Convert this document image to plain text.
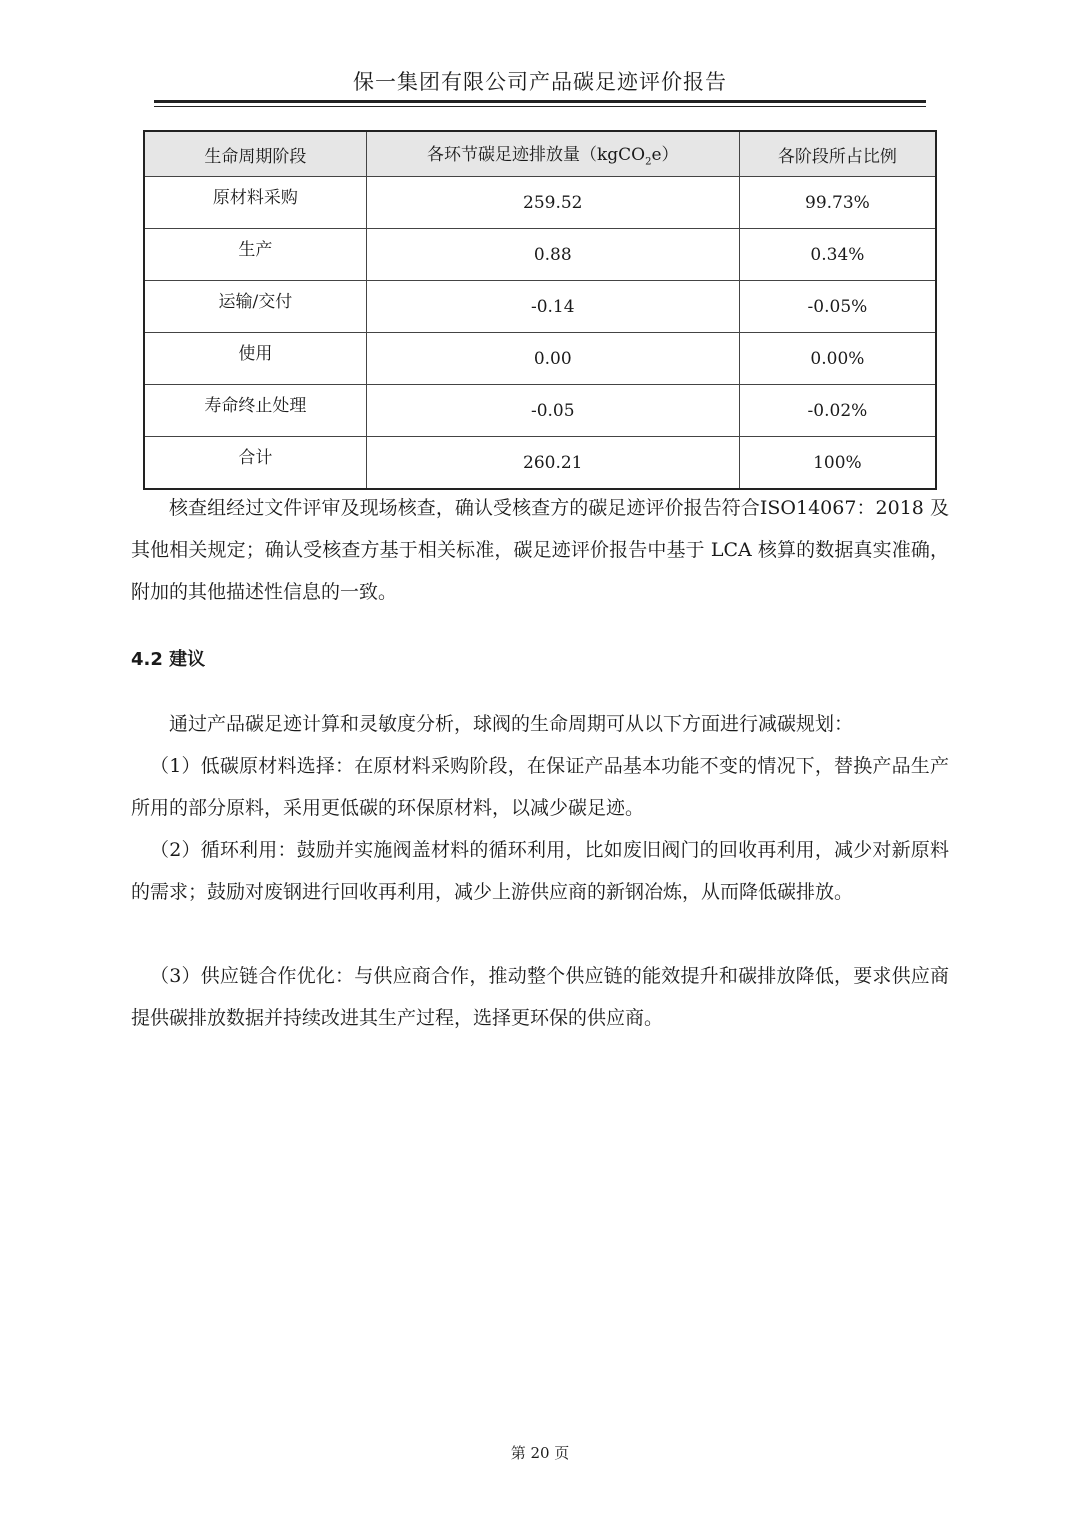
保一集团有限公司产品碳足迹评价报告
生命周期阶段	各环节碳足迹排放量（kgCO$_2$e）	各阶段所占比例
原材料采购	259.52	99.73%
生产	0.88	0.34%
运输/交付	-0.14	-0.05%
使用	0.00	0.00%
寿命终止处理	-0.05	-0.02%
合计	260.21	100%
核查组经过文件评审及现场核查，确认受核查方的碳足迹评价报告符合ISO14067：2018 及其他相关规定；确认受核查方基于相关标准，碳足迹评价报告中基于 LCA 核算的数据真实准确，附加的其他描述性信息的一致。
4.2 建议
通过产品碳足迹计算和灵敏度分析，球阀的生命周期可从以下方面进行减碳规划：
（1）低碳原材料选择：在原材料采购阶段，在保证产品基本功能不变的情况下，替换产品生产所用的部分原料，采用更低碳的环保原材料，以减少碳足迹。
（2）循环利用：鼓励并实施阀盖材料的循环利用，比如废旧阀门的回收再利用，减少对新原料的需求；鼓励对废钢进行回收再利用，减少上游供应商的新钢冶炼，从而降低碳排放。
（3）供应链合作优化：与供应商合作，推动整个供应链的能效提升和碳排放降低，要求供应商提供碳排放数据并持续改进其生产过程，选择更环保的供应商。
第 20 页
